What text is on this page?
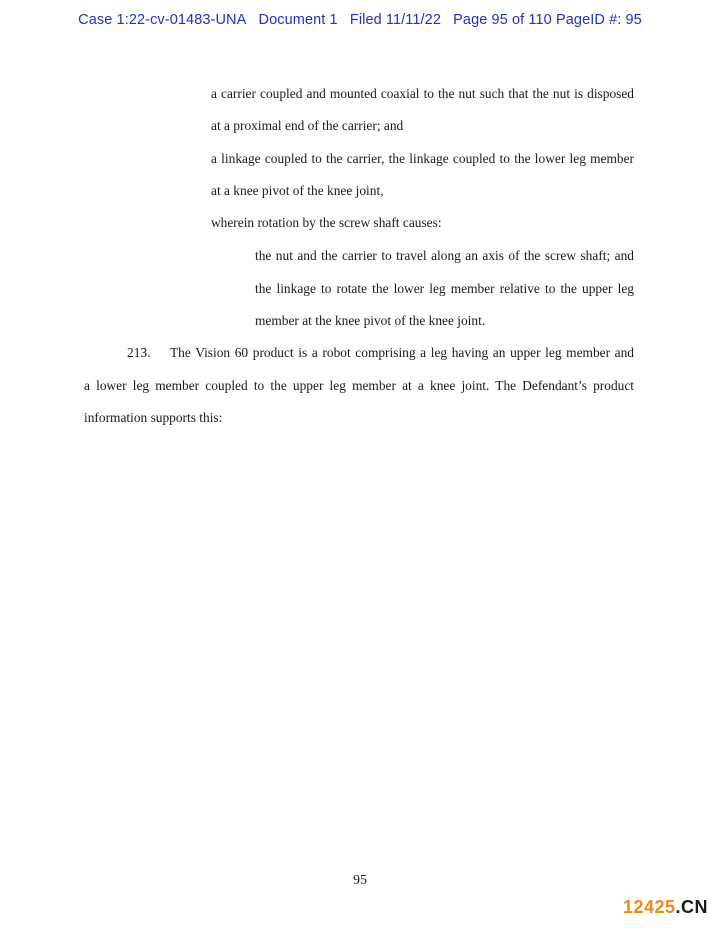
Case 1:22-cv-01483-UNA Document 1 Filed 11/11/22 Page 95 of 110 PageID #: 95
a carrier coupled and mounted coaxial to the nut such that the nut is disposed
at a proximal end of the carrier; and
a linkage coupled to the carrier, the linkage coupled to the lower leg member
at a knee pivot of the knee joint,
wherein rotation by the screw shaft causes:
the nut and the carrier to travel along an axis of the screw shaft; and
the linkage to rotate the lower leg member relative to the upper leg
member at the knee pivot of the knee joint.
213. The Vision 60 product is a robot comprising a leg having an upper leg member and
a lower leg member coupled to the upper leg member at a knee joint. The Defendant’s product
information supports this:
95
12425.CN
